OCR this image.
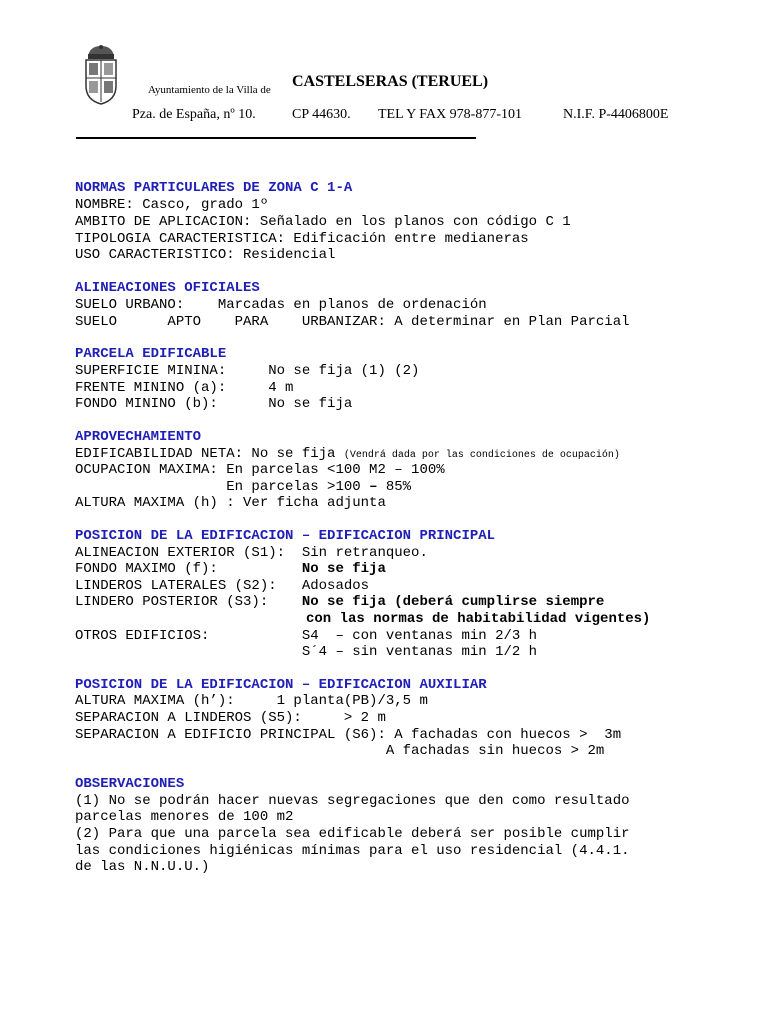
Ayuntamiento de la Villa de CASTELSERAS (TERUEL)
Pza. de España, nº 10.	CP 44630. TEL Y FAX 978-877-101	N.I.F. P-4406800E
NORMAS PARTICULARES DE ZONA C 1-A
NOMBRE: Casco, grado 1º
AMBITO DE APLICACION: Señalado en los planos con código C 1
TIPOLOGIA CARACTERISTICA: Edificación entre medianeras
USO CARACTERISTICO: Residencial
ALINEACIONES OFICIALES
SUELO URBANO:    Marcadas en planos de ordenación
SUELO      APTO    PARA    URBANIZAR: A determinar en Plan Parcial
PARCELA EDIFICABLE
SUPERFICIE MININA:     No se fija (1) (2)
FRENTE MININO (a):     4 m
FONDO MININO (b):      No se fija
APROVECHAMIENTO
EDIFICABILIDAD NETA: No se fija (Vendrá dada por las condiciones de ocupación)
OCUPACION MAXIMA: En parcelas <100 M2 – 100%
En parcelas >100 – 85%
ALTURA MAXIMA (h) : Ver ficha adjunta
POSICION DE LA EDIFICACION – EDIFICACION PRINCIPAL
ALINEACION EXTERIOR (S1):  Sin retranqueo.
FONDO MAXIMO (f):          No se fija
LINDEROS LATERALES (S2):   Adosados
LINDERO POSTERIOR (S3):    No se fija (deberá cumplirse siempre
con las normas de habitabilidad vigentes)
OTROS EDIFICIOS:           S4  – con ventanas min 2/3 h
S´4 – sin ventanas min 1/2 h
POSICION DE LA EDIFICACION – EDIFICACION AUXILIAR
ALTURA MAXIMA (h’):     1 planta(PB)/3,5 m
SEPARACION A LINDEROS (S5):     > 2 m
SEPARACION A EDIFICIO PRINCIPAL (S6): A fachadas con huecos >  3m
A fachadas sin huecos > 2m
OBSERVACIONES
(1) No se podrán hacer nuevas segregaciones que den como resultado
parcelas menores de 100 m2
(2) Para que una parcela sea edificable deberá ser posible cumplir
las condiciones higiénicas mínimas para el uso residencial (4.4.1.
de las N.N.U.U.)
